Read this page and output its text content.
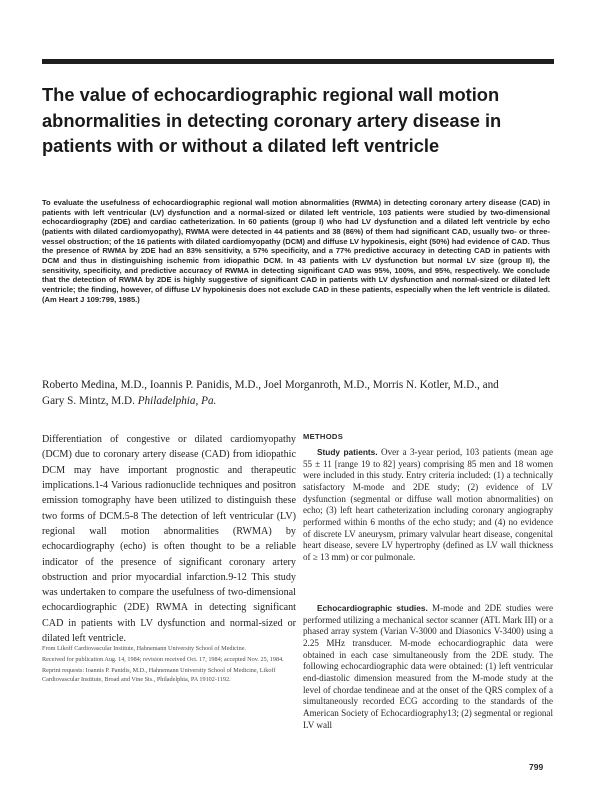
The value of echocardiographic regional wall motion abnormalities in detecting coronary artery disease in patients with or without a dilated left ventricle

To evaluate the usefulness of echocardiographic regional wall motion abnormalities (RWMA) in detecting coronary artery disease (CAD) in patients with left ventricular (LV) dysfunction and a normal-sized or dilated left ventricle, 103 patients were studied by two-dimensional echocardiography (2DE) and cardiac catheterization. In 60 patients (group I) who had LV dysfunction and a dilated left ventricle by echo (patients with dilated cardiomyopathy), RWMA were detected in 44 patients and 38 (86%) of them had significant CAD, usually two- or three-vessel obstruction; of the 16 patients with dilated cardiomyopathy (DCM) and diffuse LV hypokinesis, eight (50%) had evidence of CAD. Thus the presence of RWMA by 2DE had an 83% sensitivity, a 57% specificity, and a 77% predictive accuracy in detecting CAD in patients with DCM and thus in distinguishing ischemic from idiopathic DCM. In 43 patients with LV dysfunction but normal LV size (group II), the sensitivity, specificity, and predictive accuracy of RWMA in detecting significant CAD was 95%, 100%, and 95%, respectively. We conclude that the detection of RWMA by 2DE is highly suggestive of significant CAD in patients with LV dysfunction and normal-sized or dilated left ventricle; the finding, however, of diffuse LV hypokinesis does not exclude CAD in these patients, especially when the left ventricle is dilated. (Am Heart J 109:799, 1985.)

Roberto Medina, M.D., Ioannis P. Panidis, M.D., Joel Morganroth, M.D., Morris N. Kotler, M.D., and Gary S. Mintz, M.D. Philadelphia, Pa.

Differentiation of congestive or dilated cardiomyopathy (DCM) due to coronary artery disease (CAD) from idiopathic DCM may have important prognostic and therapeutic implications.1-4 Various radionuclide techniques and positron emission tomography have been utilized to distinguish these two forms of DCM.5-8 The detection of left ventricular (LV) regional wall motion abnormalities (RWMA) by echocardiography (echo) is often thought to be a reliable indicator of the presence of significant coronary artery obstruction and prior myocardial infarction.9-12 This study was undertaken to compare the usefulness of two-dimensional echocardiographic (2DE) RWMA in detecting significant CAD in patients with LV dysfunction and normal-sized or dilated left ventricle.

From Likoff Cardiovascular Institute, Hahnemann University School of Medicine.

Received for publication Aug. 14, 1984; revision received Oct. 17, 1984; accepted Nov. 25, 1984.

Reprint requests: Ioannis P. Panidis, M.D., Hahnemann University School of Medicine, Likoff Cardiovascular Institute, Broad and Vine Sts., Philadelphia, PA 19102-1192.

METHODS

Study patients. Over a 3-year period, 103 patients (mean age 55 ± 11 [range 19 to 82] years) comprising 85 men and 18 women were included in this study. Entry criteria included: (1) a technically satisfactory M-mode and 2DE study; (2) evidence of LV dysfunction (segmental or diffuse wall motion abnormalities) on echo; (3) left heart catheterization including coronary angiography performed within 6 months of the echo study; and (4) no evidence of discrete LV aneurysm, primary valvular heart disease, congenital heart disease, severe LV hypertrophy (defined as LV wall thickness of ≥ 13 mm) or cor pulmonale.

Echocardiographic studies. M-mode and 2DE studies were performed utilizing a mechanical sector scanner (ATL Mark III) or a phased array system (Varian V-3000 and Diasonics V-3400) using a 2.25 MHz transducer. M-mode echocardiographic data were obtained in each case simultaneously from the 2DE study. The following echocardiographic data were obtained: (1) left ventricular end-diastolic dimension measured from the M-mode study at the level of chordae tendineae and at the onset of the QRS complex of a simultaneously recorded ECG according to the standards of the American Society of Echocardiography13; (2) segmental or regional LV wall

799
